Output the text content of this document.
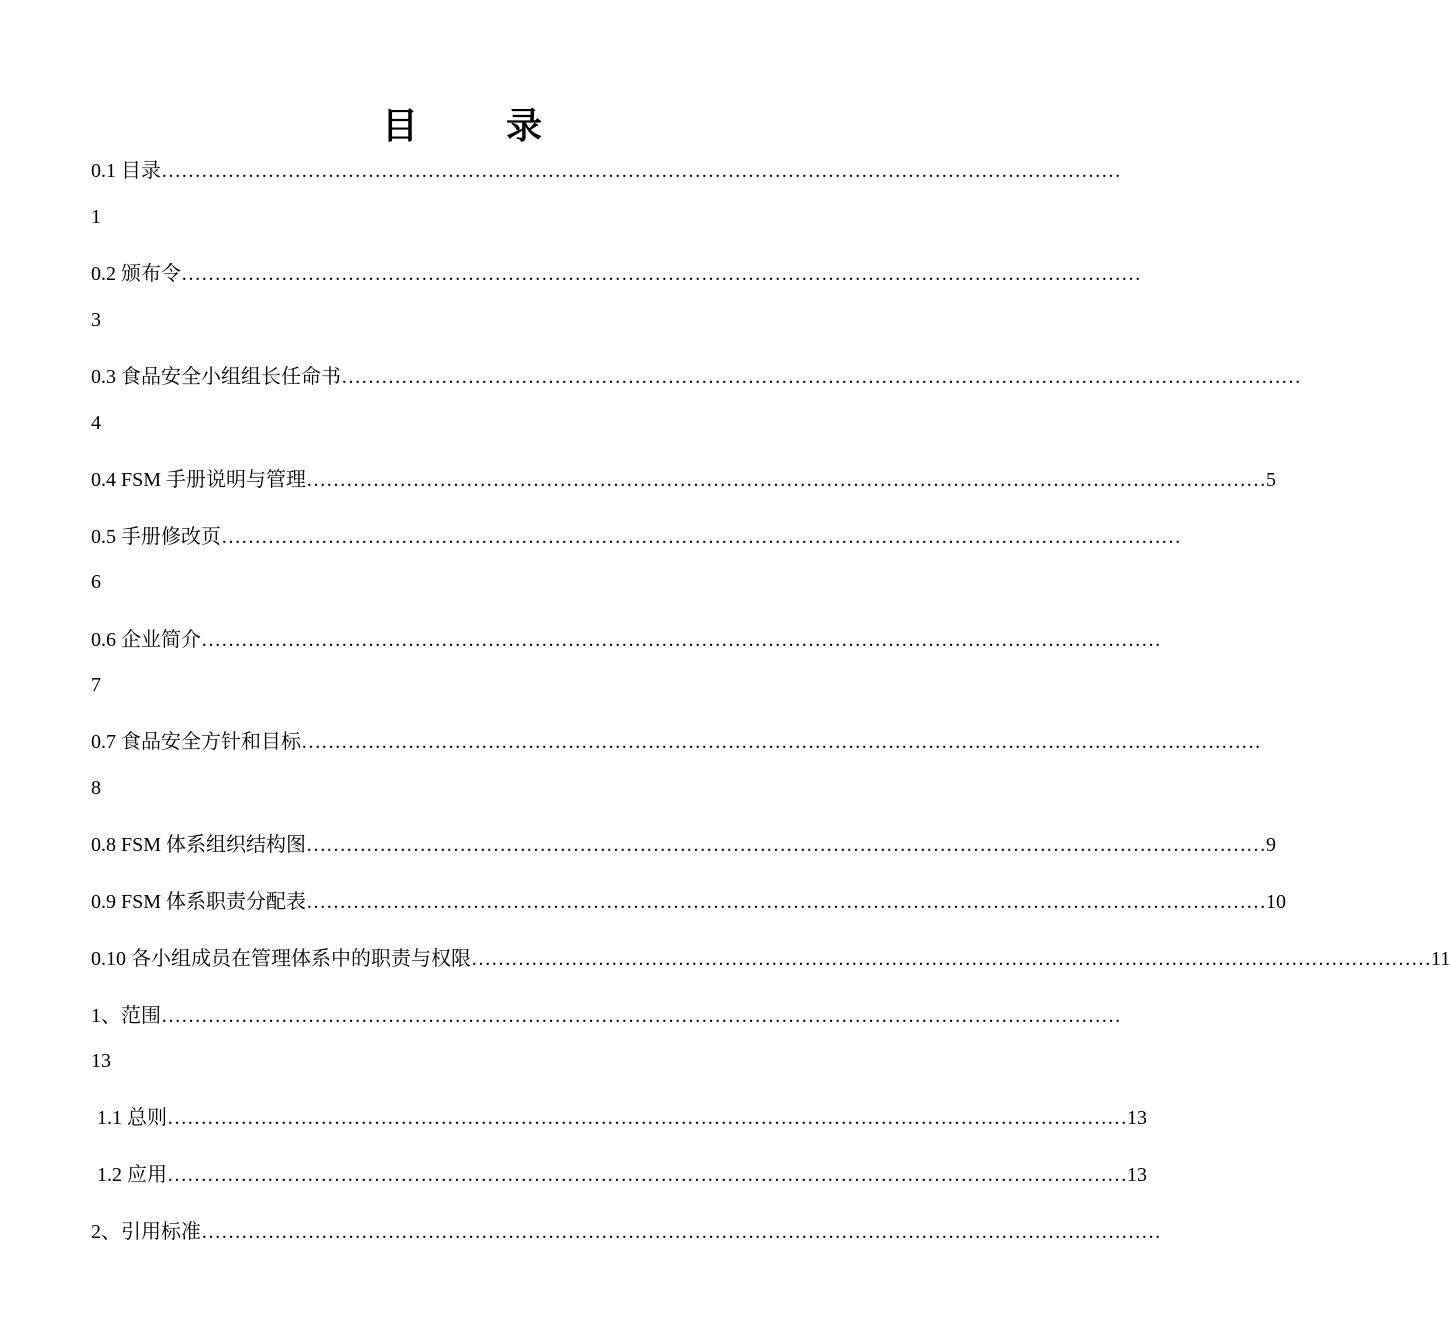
目　录
0.1 目录………………………………………………………………………………………………………………………………
1
0.2 颁布令………………………………………………………………………………………………………………………………
3
0.3 食品安全小组组长任命书………………………………………………………………………………………………………………………………
4
0.4 FSM 手册说明与管理 ……………………………………………………………………………………………………………………………… 5
0.5 手册修改页………………………………………………………………………………………………………………………………
6
0.6 企业简介………………………………………………………………………………………………………………………………
7
0.7 食品安全方针和目标………………………………………………………………………………………………………………………………
8
0.8 FSM 体系组织结构图 ……………………………………………………………………………………………………………………………… 9
0.9 FSM 体系职责分配表 ……………………………………………………………………………………………………………………………… 10
0.10 各小组成员在管理体系中的职责与权限 ……………………………………………………………………………………………………………………………… 11
1、范围………………………………………………………………………………………………………………………………
13
1.1 总则 ……………………………………………………………………………………………………………………………… 13
1.2 应用 ……………………………………………………………………………………………………………………………… 13
2、引用标准………………………………………………………………………………………………………………………………
